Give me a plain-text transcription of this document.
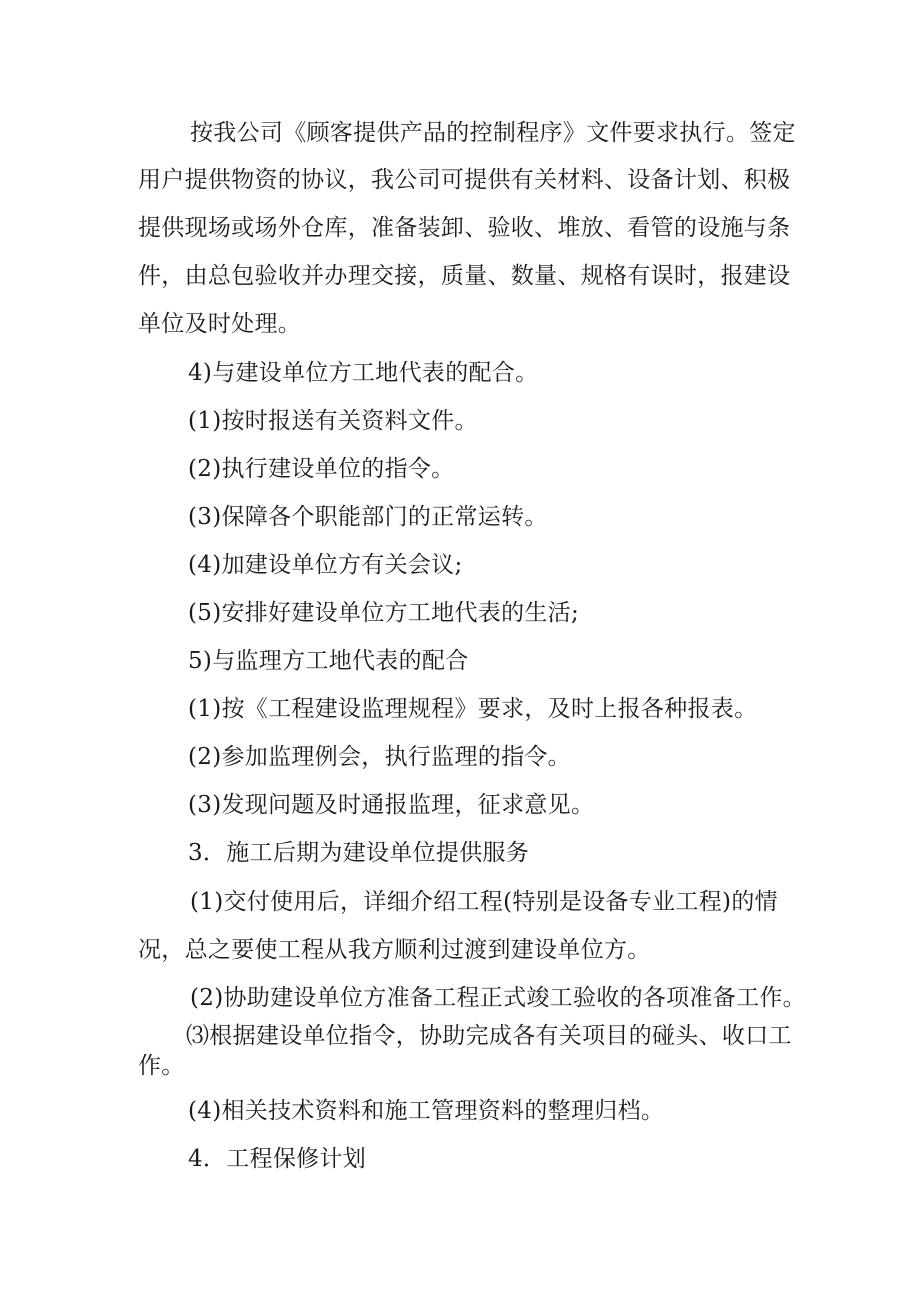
按我公司《顾客提供产品的控制程序》文件要求执行。签定
用户提供物资的协议，我公司可提供有关材料、设备计划、积极
提供现场或场外仓库，准备装卸、验收、堆放、看管的设施与条
件，由总包验收并办理交接，质量、数量、规格有误时，报建设
单位及时处理。
4)与建设单位方工地代表的配合。
(1)按时报送有关资料文件。
(2)执行建设单位的指令。
(3)保障各个职能部门的正常运转。
(4)加建设单位方有关会议;
(5)安排好建设单位方工地代表的生活;
5)与监理方工地代表的配合
(1)按《工程建设监理规程》要求，及时上报各种报表。
(2)参加监理例会，执行监理的指令。
(3)发现问题及时通报监理，征求意见。
3．施工后期为建设单位提供服务
(1)交付使用后，详细介绍工程(特别是设备专业工程)的情
况，总之要使工程从我方顺利过渡到建设单位方。
(2)协助建设单位方准备工程正式竣工验收的各项准备工作。
⑶根据建设单位指令，协助完成各有关项目的碰头、收口工
作。
(4)相关技术资料和施工管理资料的整理归档。
4．工程保修计划
